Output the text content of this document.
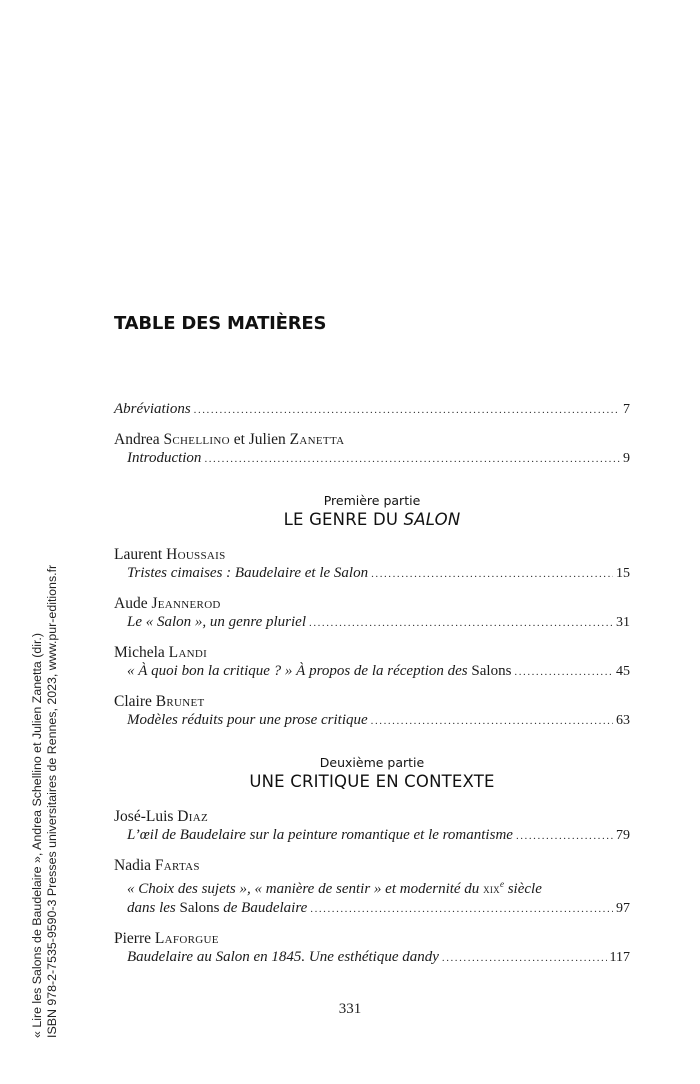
« Lire les Salons de Baudelaire », Andrea Schellino et Julien Zanetta (dir.) ISBN 978-2-7535-9590-3 Presses universitaires de Rennes, 2023, www.pur-editions.fr
TABLE DES MATIÈRES
Abréviations . . .	7
Andrea Schellino et Julien Zanetta
Introduction . . .	9
Première partie
LE GENRE DU SALON
Laurent Houssais
Tristes cimaises : Baudelaire et le Salon . . .	15
Aude Jeannerod
Le « Salon », un genre pluriel . . .	31
Michela Landi
« À quoi bon la critique ? » À propos de la réception des Salons . . .	45
Claire Brunet
Modèles réduits pour une prose critique . . .	63
Deuxième partie
UNE CRITIQUE EN CONTEXTE
José-Luis Diaz
L’œil de Baudelaire sur la peinture romantique et le romantisme . . .	79
Nadia Fartas
« Choix des sujets », « manière de sentir » et modernité du xix$^e$ siècle
dans les Salons de Baudelaire . . .	97
Pierre Laforgue
Baudelaire au Salon en 1845. Une esthétique dandy . . .	117
331
